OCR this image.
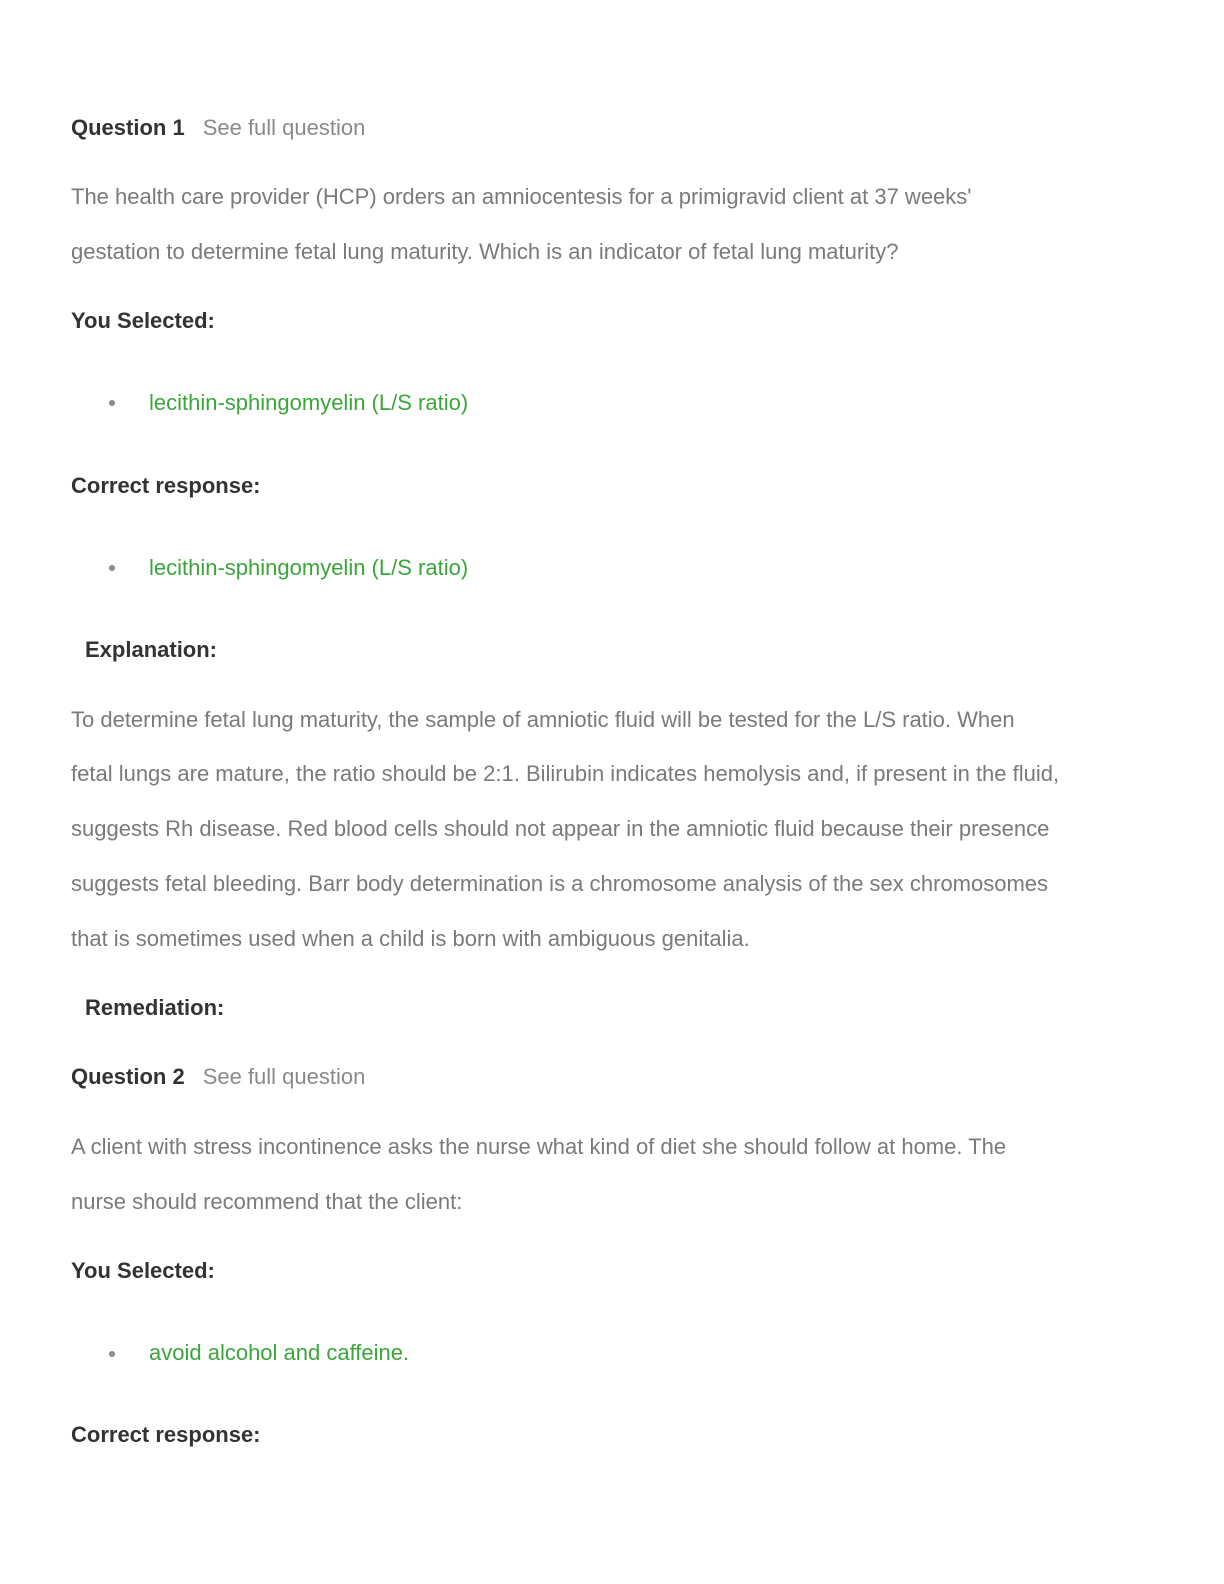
Question 1 See full question
The health care provider (HCP) orders an amniocentesis for a primigravid client at 37 weeks'
gestation to determine fetal lung maturity. Which is an indicator of fetal lung maturity?
You Selected:
lecithin-sphingomyelin (L/S ratio)
Correct response:
lecithin-sphingomyelin (L/S ratio)
Explanation:
To determine fetal lung maturity, the sample of amniotic fluid will be tested for the L/S ratio. When
fetal lungs are mature, the ratio should be 2:1. Bilirubin indicates hemolysis and, if present in the fluid,
suggests Rh disease. Red blood cells should not appear in the amniotic fluid because their presence
suggests fetal bleeding. Barr body determination is a chromosome analysis of the sex chromosomes
that is sometimes used when a child is born with ambiguous genitalia.
Remediation:
Question 2 See full question
A client with stress incontinence asks the nurse what kind of diet she should follow at home. The
nurse should recommend that the client:
You Selected:
avoid alcohol and caffeine.
Correct response:
